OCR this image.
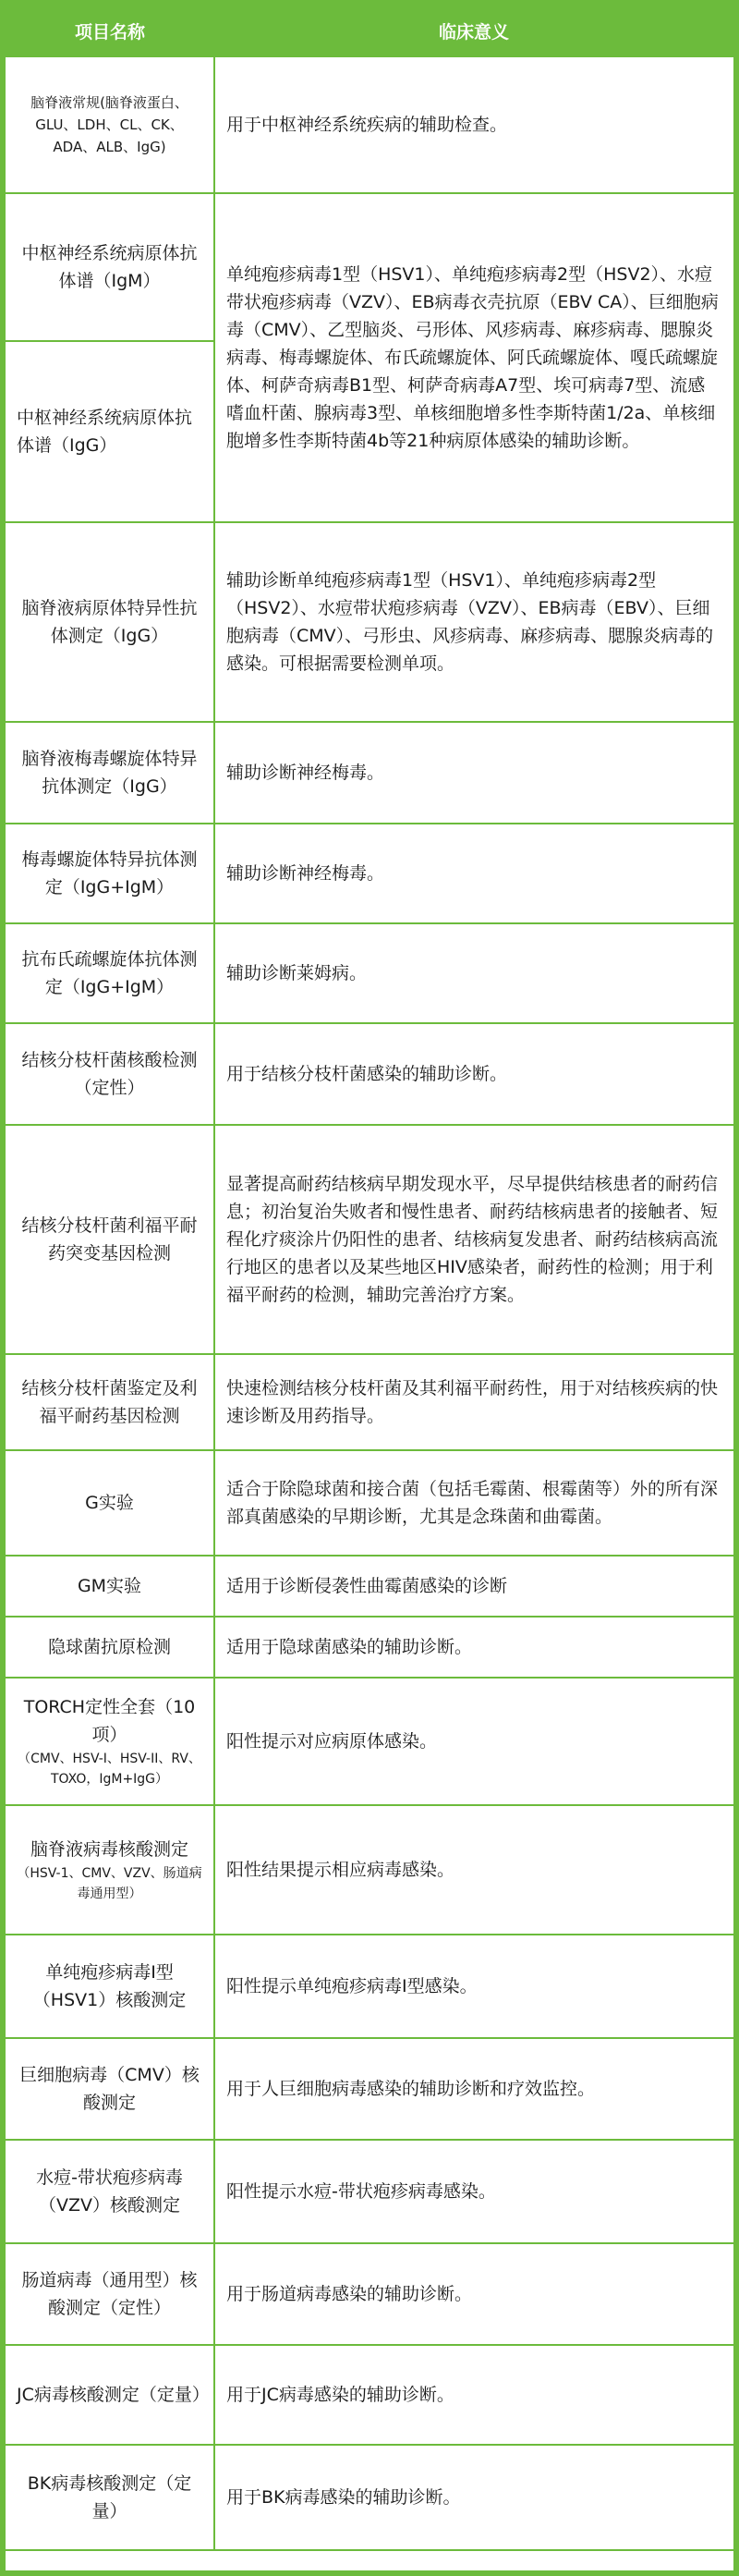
项目名称	临床意义
脑脊液常规(脑脊液蛋白、GLU、LDH、CL、CK、ADA、ALB、IgG)	用于中枢神经系统疾病的辅助检查。
中枢神经系统病原体抗体谱（IgM）	单纯疱疹病毒1型（HSV1）、单纯疱疹病毒2型（HSV2）、水痘带状疱疹病毒（VZV）、EB病毒衣壳抗原（EBV CA）、巨细胞病毒（CMV）、乙型脑炎、弓形体、风疹病毒、麻疹病毒、腮腺炎病毒、梅毒螺旋体、布氏疏螺旋体、阿氏疏螺旋体、嘎氏疏螺旋体、柯萨奇病毒B1型、柯萨奇病毒A7型、埃可病毒7型、流感嗜血杆菌、腺病毒3型、单核细胞增多性李斯特菌1/2a、单核细胞增多性李斯特菌4b等21种病原体感染的辅助诊断。
中枢神经系统病原体抗体谱（IgG）	
脑脊液病原体特异性抗体测定（IgG）	辅助诊断单纯疱疹病毒1型（HSV1）、单纯疱疹病毒2型（HSV2）、水痘带状疱疹病毒（VZV）、EB病毒（EBV）、巨细胞病毒（CMV）、弓形虫、风疹病毒、麻疹病毒、腮腺炎病毒的感染。可根据需要检测单项。
脑脊液梅毒螺旋体特异抗体测定（IgG）	辅助诊断神经梅毒。
梅毒螺旋体特异抗体测定（IgG+IgM）	辅助诊断神经梅毒。
抗布氏疏螺旋体抗体测定（IgG+IgM）	辅助诊断莱姆病。
结核分枝杆菌核酸检测（定性）	用于结核分枝杆菌感染的辅助诊断。
结核分枝杆菌利福平耐药突变基因检测	显著提高耐药结核病早期发现水平，尽早提供结核患者的耐药信息；初治复治失败者和慢性患者、耐药结核病患者的接触者、短程化疗痰涂片仍阳性的患者、结核病复发患者、耐药结核病高流行地区的患者以及某些地区HIV感染者，耐药性的检测；用于利福平耐药的检测，辅助完善治疗方案。
结核分枝杆菌鉴定及利福平耐药基因检测	快速检测结核分枝杆菌及其利福平耐药性，用于对结核疾病的快速诊断及用药指导。
G实验	适合于除隐球菌和接合菌（包括毛霉菌、根霉菌等）外的所有深部真菌感染的早期诊断，尤其是念珠菌和曲霉菌。
GM实验	适用于诊断侵袭性曲霉菌感染的诊断
隐球菌抗原检测	适用于隐球菌感染的辅助诊断。

TORCH定性全套（10项）
（CMV、HSV-I、HSV-II、RV、TOXO，IgM+IgG）	阳性提示对应病原体感染。

脑脊液病毒核酸测定
（HSV-1、CMV、VZV、肠道病毒通用型）	阳性结果提示相应病毒感染。
单纯疱疹病毒I型（HSV1）核酸测定	阳性提示单纯疱疹病毒I型感染。
巨细胞病毒（CMV）核酸测定	用于人巨细胞病毒感染的辅助诊断和疗效监控。
水痘-带状疱疹病毒（VZV）核酸测定	阳性提示水痘-带状疱疹病毒感染。
肠道病毒（通用型）核酸测定（定性）	用于肠道病毒感染的辅助诊断。
JC病毒核酸测定（定量）	用于JC病毒感染的辅助诊断。
BK病毒核酸测定（定量）	用于BK病毒感染的辅助诊断。
